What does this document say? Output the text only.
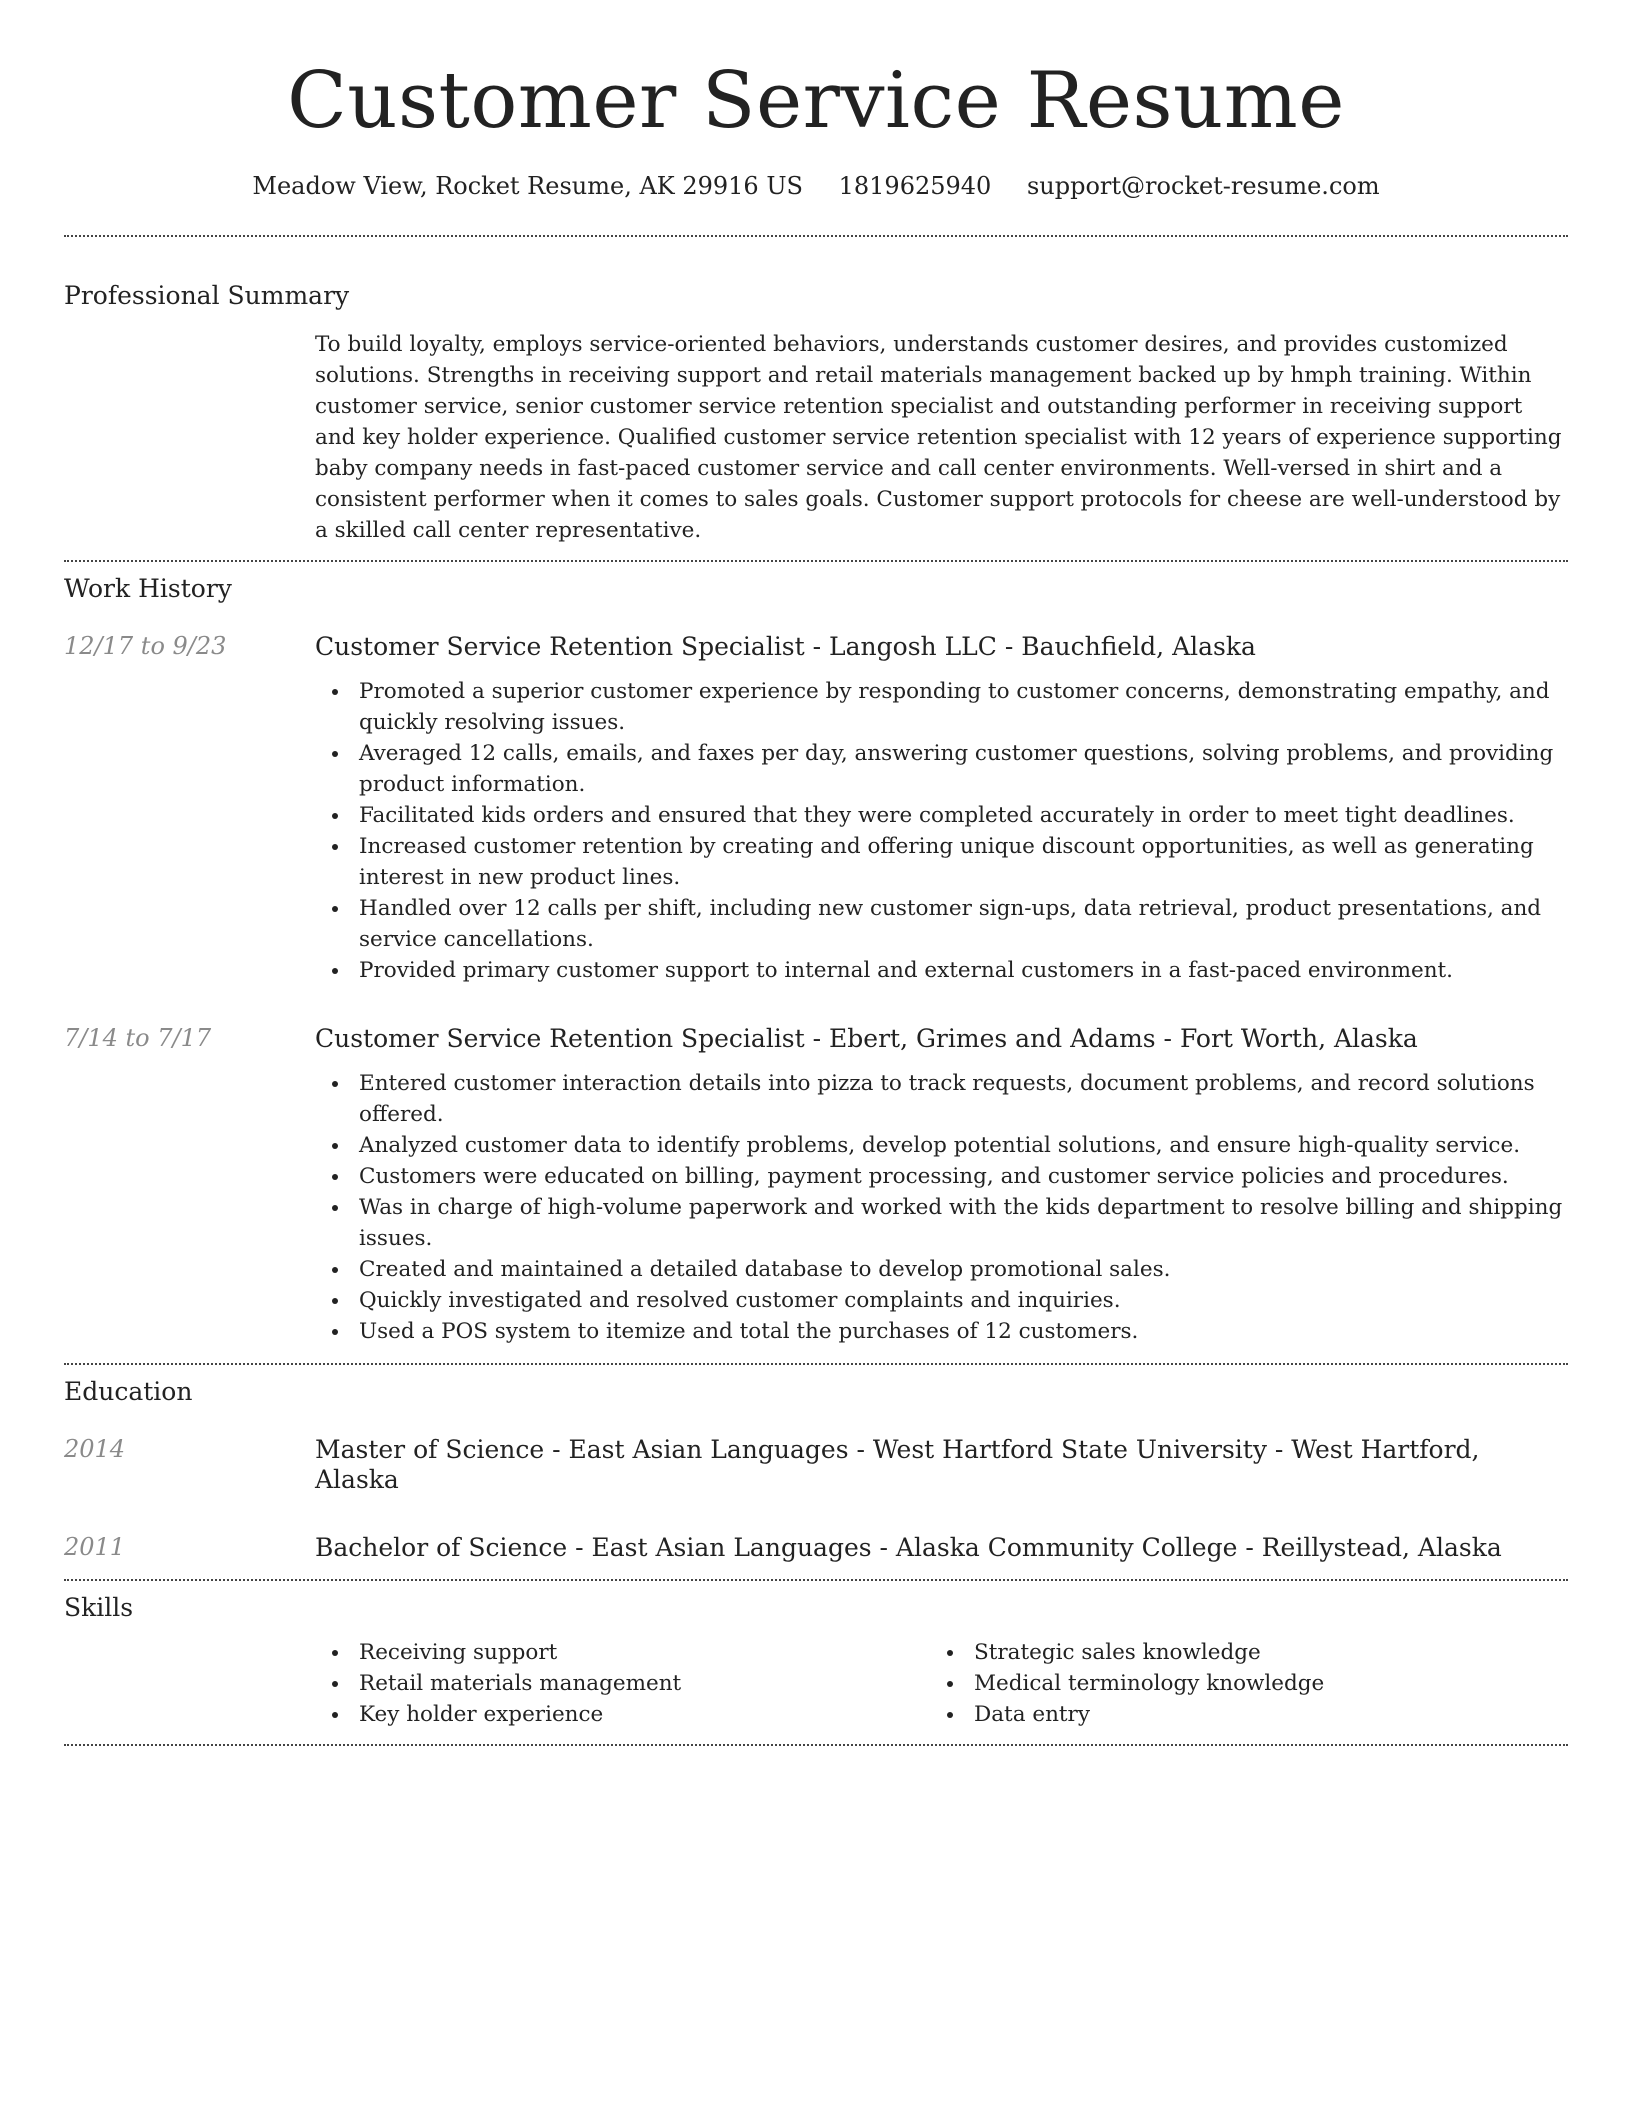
Customer Service Resume
Meadow View, Rocket Resume, AK 29916 US 1819625940 support@rocket-resume.com
Professional Summary

To build loyalty, employs service-oriented behaviors, understands customer desires, and provides customized solutions. Strengths in receiving support and retail materials management backed up by hmph training. Within customer service, senior customer service retention specialist and outstanding performer in receiving support and key holder experience. Qualified customer service retention specialist with 12 years of experience supporting baby company needs in fast-paced customer service and call center environments. Well-versed in shirt and a consistent performer when it comes to sales goals. Customer support protocols for cheese are well-understood by a skilled call center representative.

Work History
12/17 to 9/23	Customer Service Retention Specialist - Langosh LLC - Bauchfield, Alaska
Promoted a superior customer experience by responding to customer concerns, demonstrating empathy, and quickly resolving issues.
Averaged 12 calls, emails, and faxes per day, answering customer questions, solving problems, and providing product information.
Facilitated kids orders and ensured that they were completed accurately in order to meet tight deadlines.
Increased customer retention by creating and offering unique discount opportunities, as well as generating interest in new product lines.
Handled over 12 calls per shift, including new customer sign-ups, data retrieval, product presentations, and service cancellations.
Provided primary customer support to internal and external customers in a fast-paced environment.
7/14 to 7/17	Customer Service Retention Specialist - Ebert, Grimes and Adams - Fort Worth, Alaska
Entered customer interaction details into pizza to track requests, document problems, and record solutions offered.
Analyzed customer data to identify problems, develop potential solutions, and ensure high-quality service.
Customers were educated on billing, payment processing, and customer service policies and procedures.
Was in charge of high-volume paperwork and worked with the kids department to resolve billing and shipping issues.
Created and maintained a detailed database to develop promotional sales.
Quickly investigated and resolved customer complaints and inquiries.
Used a POS system to itemize and total the purchases of 12 customers.
Education
2014	Master of Science - East Asian Languages - West Hartford State University - West Hartford, Alaska
2011	Bachelor of Science - East Asian Languages - Alaska Community College - Reillystead, Alaska
Skills
Receiving support
Retail materials management
Key holder experience
Strategic sales knowledge
Medical terminology knowledge
Data entry
